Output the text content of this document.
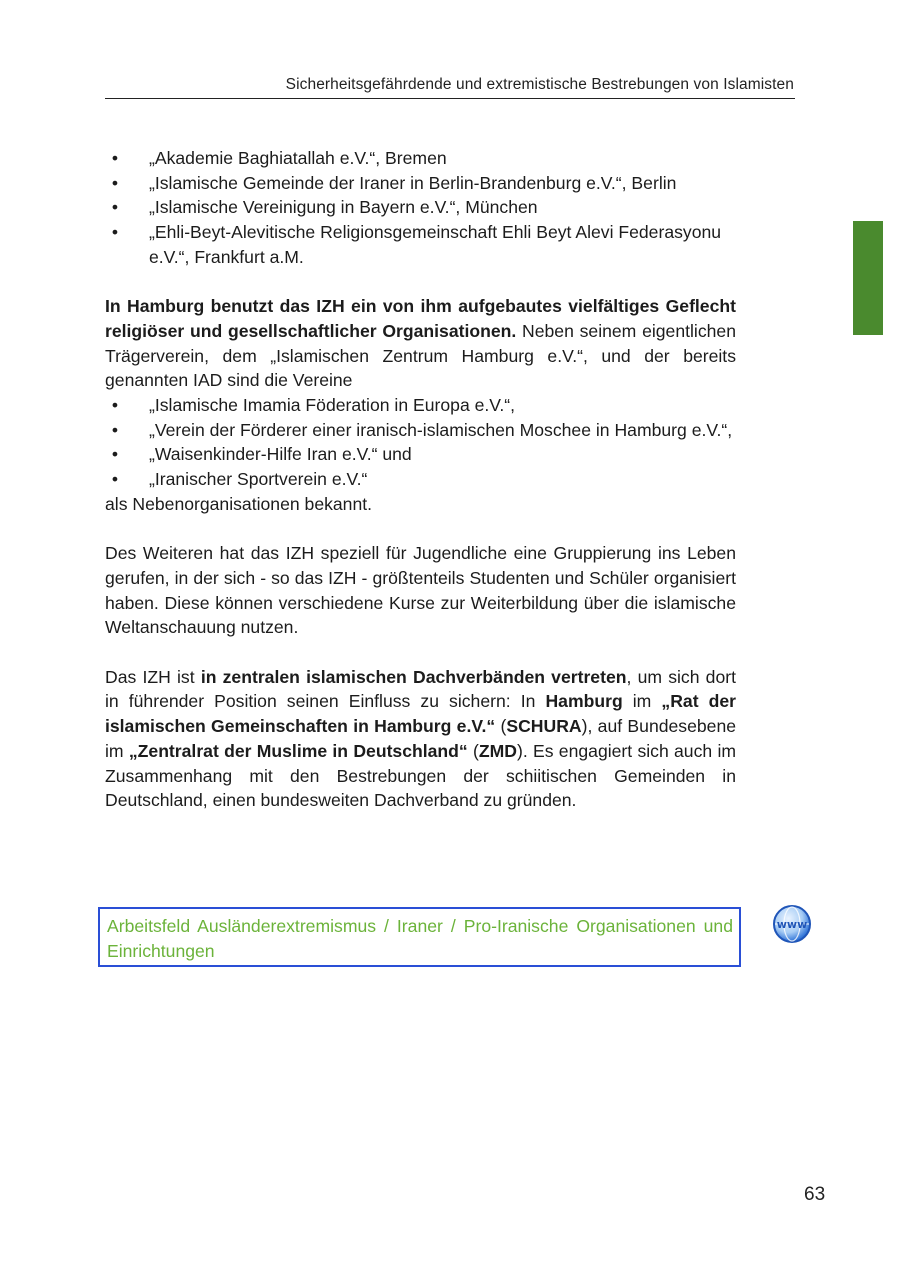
Sicherheitsgefährdende und extremistische Bestrebungen von Islamisten
•	„Akademie Baghiatallah e.V.“, Bremen
•	„Islamische Gemeinde der Iraner in Berlin-Brandenburg e.V.“, Berlin
•	„Islamische Vereinigung in Bayern e.V.“, München
•	„Ehli-Beyt-Alevitische Religionsgemeinschaft Ehli Beyt Alevi Federasyonu e.V.“, Frankfurt a.M.

In Hamburg benutzt das IZH ein von ihm aufgebautes vielfältiges Geflecht religiöser und gesellschaftlicher Organisationen. Neben seinem eigentlichen Trägerverein, dem „Islamischen Zentrum Hamburg e.V.“, und der bereits genannten IAD sind die Vereine

•	„Islamische Imamia Föderation in Europa e.V.“,
•	„Verein der Förderer einer iranisch-islamischen Moschee in Hamburg e.V.“,
•	„Waisenkinder-Hilfe Iran e.V.“ und
•	„Iranischer Sportverein e.V.“

als Nebenorganisationen bekannt.

Des Weiteren hat das IZH speziell für Jugendliche eine Gruppierung ins Leben gerufen, in der sich - so das IZH - größtenteils Studenten und Schüler organisiert haben. Diese können verschiedene Kurse zur Weiterbildung über die islamische Weltanschauung nutzen.

Das IZH ist in zentralen islamischen Dachverbänden vertreten, um sich dort in führender Position seinen Einfluss zu sichern: In Hamburg im „Rat der islamischen Gemeinschaften in Hamburg e.V.“ (SCHURA), auf Bundesebene im „Zentralrat der Muslime in Deutschland“ (ZMD). Es engagiert sich auch im Zusammenhang mit den Bestrebungen der schiitischen Gemeinden in Deutschland, einen bundesweiten Dachverband zu gründen.

Arbeitsfeld Ausländerextremismus / Iraner / Pro-Iranische Organisationen und Einrichtungen
www
63
